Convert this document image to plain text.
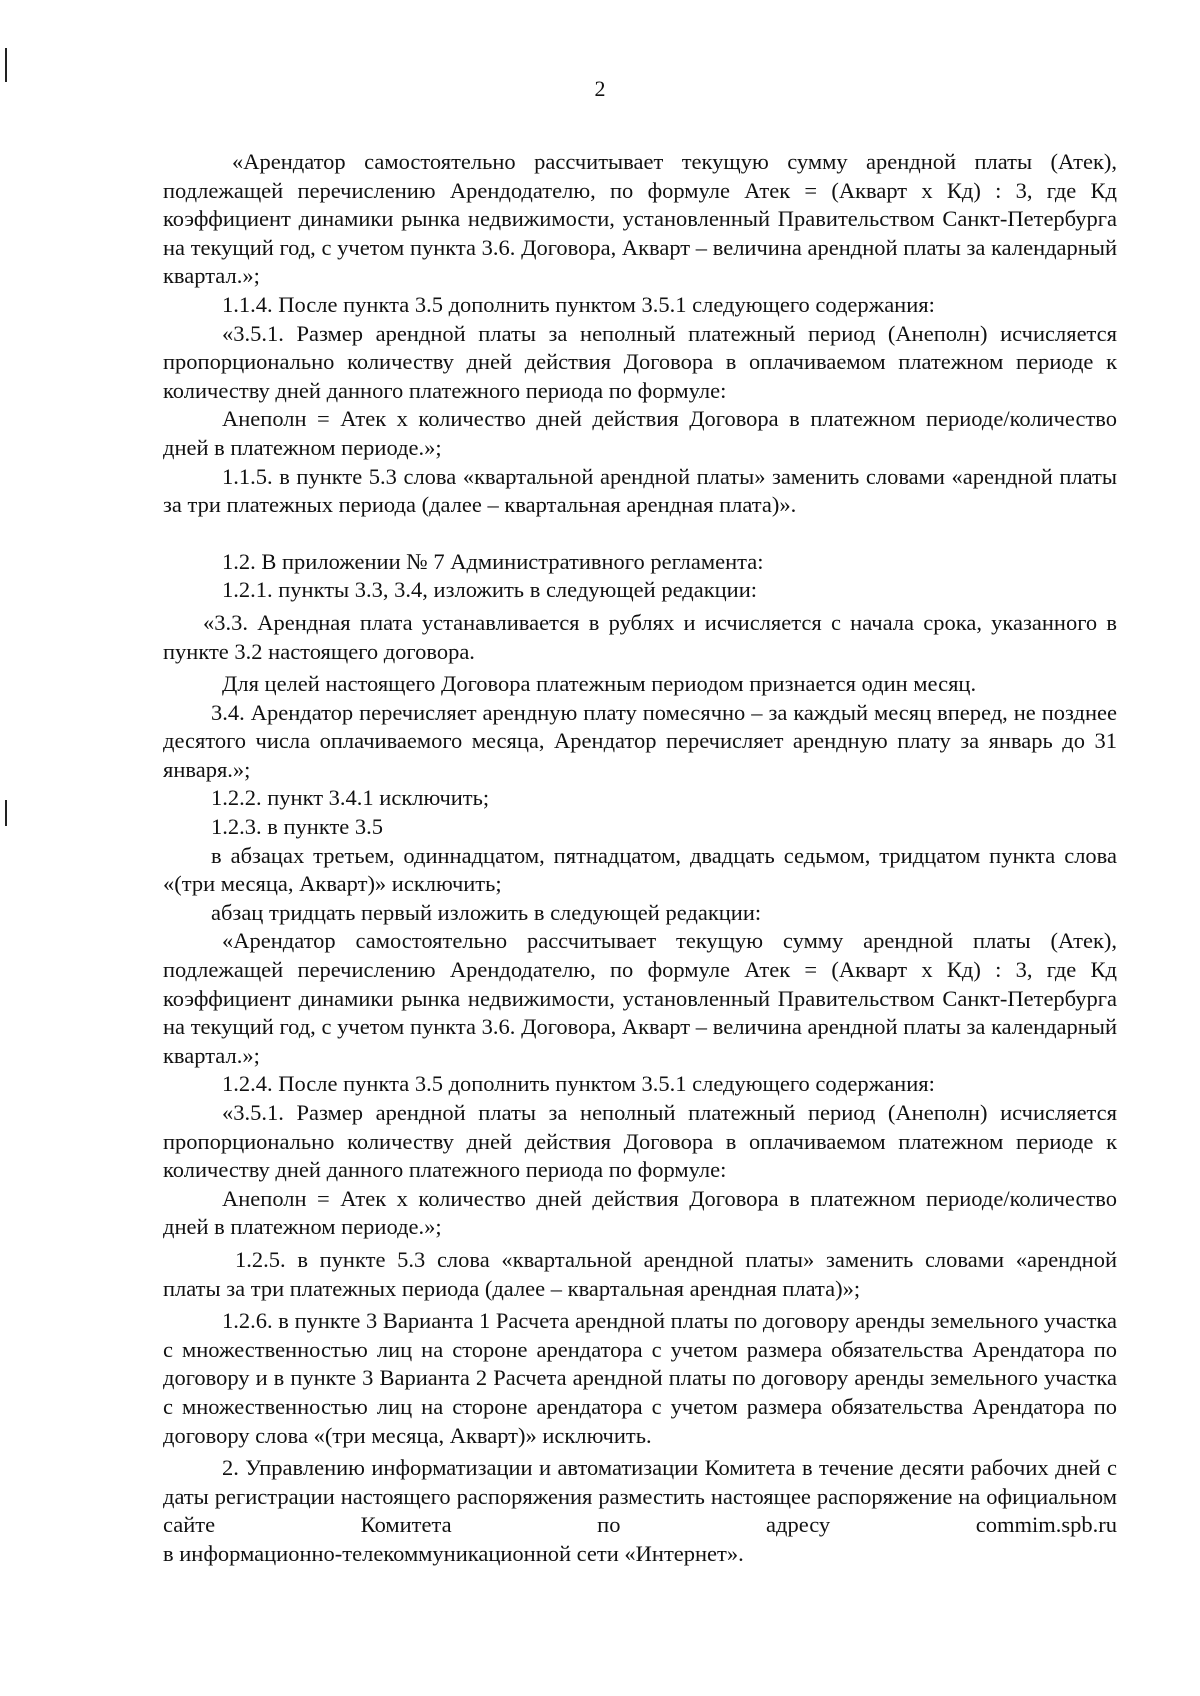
2

«Арендатор самостоятельно рассчитывает текущую сумму арендной платы (Атек), подлежащей перечислению Арендодателю, по формуле Атек = (Акварт х Кд) : 3, где Кд коэффициент динамики рынка недвижимости, установленный Правительством Санкт-Петербурга на текущий год, с учетом пункта 3.6. Договора, Акварт – величина арендной платы за календарный квартал.»;

1.1.4. После пункта 3.5 дополнить пунктом 3.5.1 следующего содержания:

«3.5.1. Размер арендной платы за неполный платежный период (Анеполн) исчисляется пропорционально количеству дней действия Договора в оплачиваемом платежном периоде к количеству дней данного платежного периода по формуле:

Анеполн = Атек х количество дней действия Договора в платежном периоде/количество дней в платежном периоде.»;

1.1.5. в пункте 5.3 слова «квартальной арендной платы» заменить словами «арендной платы за три платежных периода (далее – квартальная арендная плата)».

1.2. В приложении № 7 Административного регламента:

1.2.1. пункты 3.3, 3.4, изложить в следующей редакции:

«3.3. Арендная плата устанавливается в рублях и исчисляется с начала срока, указанного в пункте 3.2 настоящего договора.

Для целей настоящего Договора платежным периодом признается один месяц.

3.4. Арендатор перечисляет арендную плату помесячно – за каждый месяц вперед, не позднее десятого числа оплачиваемого месяца, Арендатор перечисляет арендную плату за январь до 31 января.»;

1.2.2. пункт 3.4.1 исключить;

1.2.3. в пункте 3.5

в абзацах третьем, одиннадцатом, пятнадцатом, двадцать седьмом, тридцатом пункта слова «(три месяца, Акварт)» исключить;

абзац тридцать первый изложить в следующей редакции:

«Арендатор самостоятельно рассчитывает текущую сумму арендной платы (Атек), подлежащей перечислению Арендодателю, по формуле Атек = (Акварт х Кд) : 3, где Кд коэффициент динамики рынка недвижимости, установленный Правительством Санкт-Петербурга на текущий год, с учетом пункта 3.6. Договора, Акварт – величина арендной платы за календарный квартал.»;

1.2.4. После пункта 3.5 дополнить пунктом 3.5.1 следующего содержания:

«3.5.1. Размер арендной платы за неполный платежный период (Анеполн) исчисляется пропорционально количеству дней действия Договора в оплачиваемом платежном периоде к количеству дней данного платежного периода по формуле:

Анеполн = Атек х количество дней действия Договора в платежном периоде/количество дней в платежном периоде.»;

1.2.5. в пункте 5.3 слова «квартальной арендной платы» заменить словами «арендной платы за три платежных периода (далее – квартальная арендная плата)»;

1.2.6. в пункте 3 Варианта 1 Расчета арендной платы по договору аренды земельного участка с множественностью лиц на стороне арендатора с учетом размера обязательства Арендатора по договору и в пункте 3 Варианта 2 Расчета арендной платы по договору аренды земельного участка с множественностью лиц на стороне арендатора с учетом размера обязательства Арендатора по договору слова «(три месяца, Акварт)» исключить.

2. Управлению информатизации и автоматизации Комитета в течение десяти рабочих дней с даты регистрации настоящего распоряжения разместить настоящее распоряжение на официальном сайте Комитета по адресу commim.spb.ru

в информационно-телекоммуникационной сети «Интернет».
